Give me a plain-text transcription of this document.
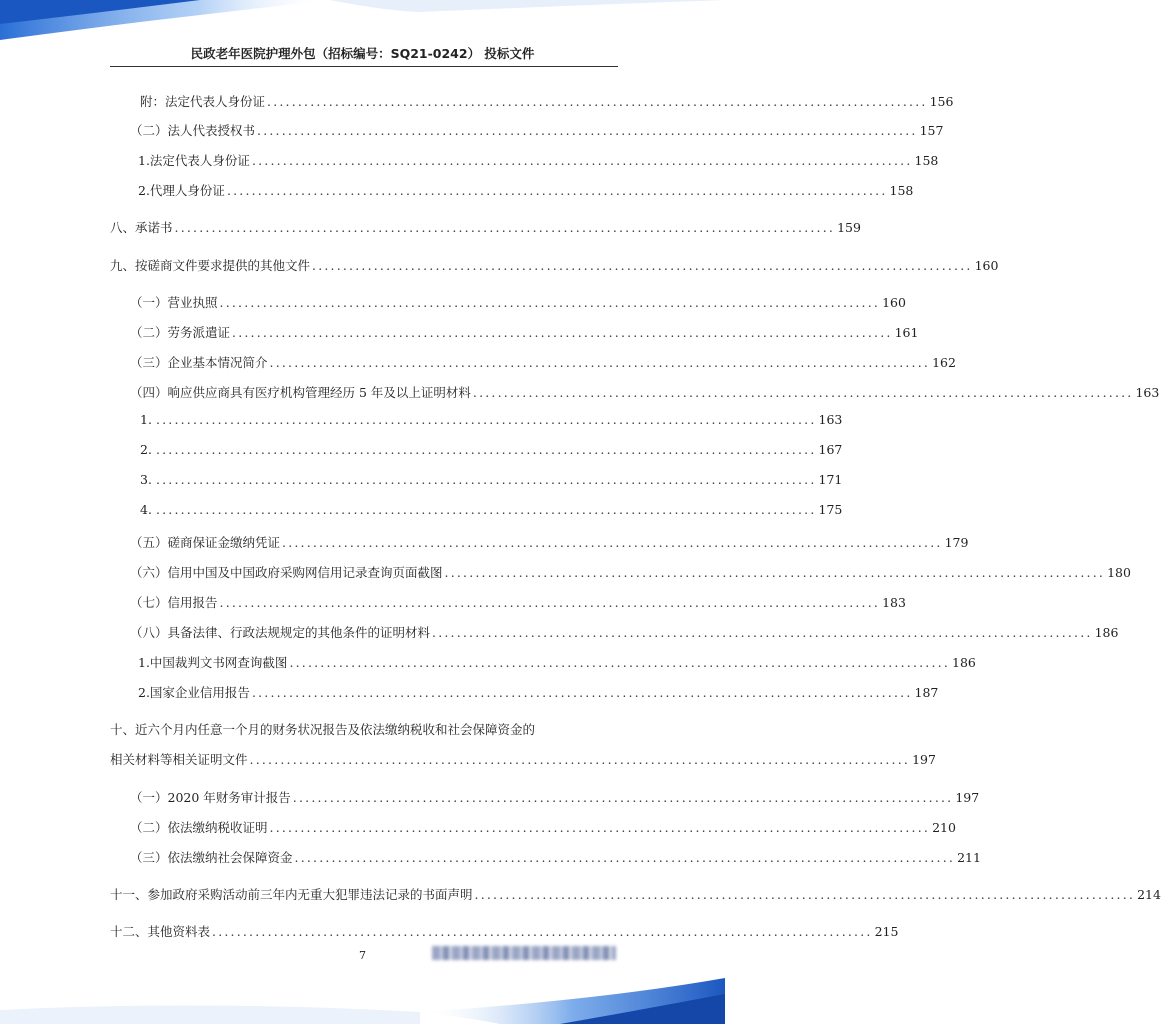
民政老年医院护理外包（招标编号：SQ21-0242） 投标文件
附：法定代表人身份证 ........................................................................................................... 156
（二）法人代表授权书 ........................................................................................................... 157
1.法定代表人身份证 ........................................................................................................... 158
2.代理人身份证 ........................................................................................................... 158
八、承诺书 ........................................................................................................... 159
九、按磋商文件要求提供的其他文件 ........................................................................................................... 160
（一）营业执照 ........................................................................................................... 160
（二）劳务派遣证 ........................................................................................................... 161
（三）企业基本情况简介 ........................................................................................................... 162
（四）响应供应商具有医疗机构管理经历 5 年及以上证明材料 ........................................................................................................... 163
1. ........................................................................................................... 163
2. ........................................................................................................... 167
3. ........................................................................................................... 171
4. ........................................................................................................... 175
（五）磋商保证金缴纳凭证 ........................................................................................................... 179
（六）信用中国及中国政府采购网信用记录查询页面截图 ........................................................................................................... 180
（七）信用报告 ........................................................................................................... 183
（八）具备法律、行政法规规定的其他条件的证明材料 ........................................................................................................... 186
1.中国裁判文书网查询截图 ........................................................................................................... 186
2.国家企业信用报告 ........................................................................................................... 187
十、近六个月内任意一个月的财务状况报告及依法缴纳税收和社会保障资金的
相关材料等相关证明文件 ........................................................................................................... 197
（一）2020 年财务审计报告 ........................................................................................................... 197
（二）依法缴纳税收证明 ........................................................................................................... 210
（三）依法缴纳社会保障资金 ........................................................................................................... 211
十一、参加政府采购活动前三年内无重大犯罪违法记录的书面声明 ........................................................................................................... 214
十二、其他资料表 ........................................................................................................... 215
7
